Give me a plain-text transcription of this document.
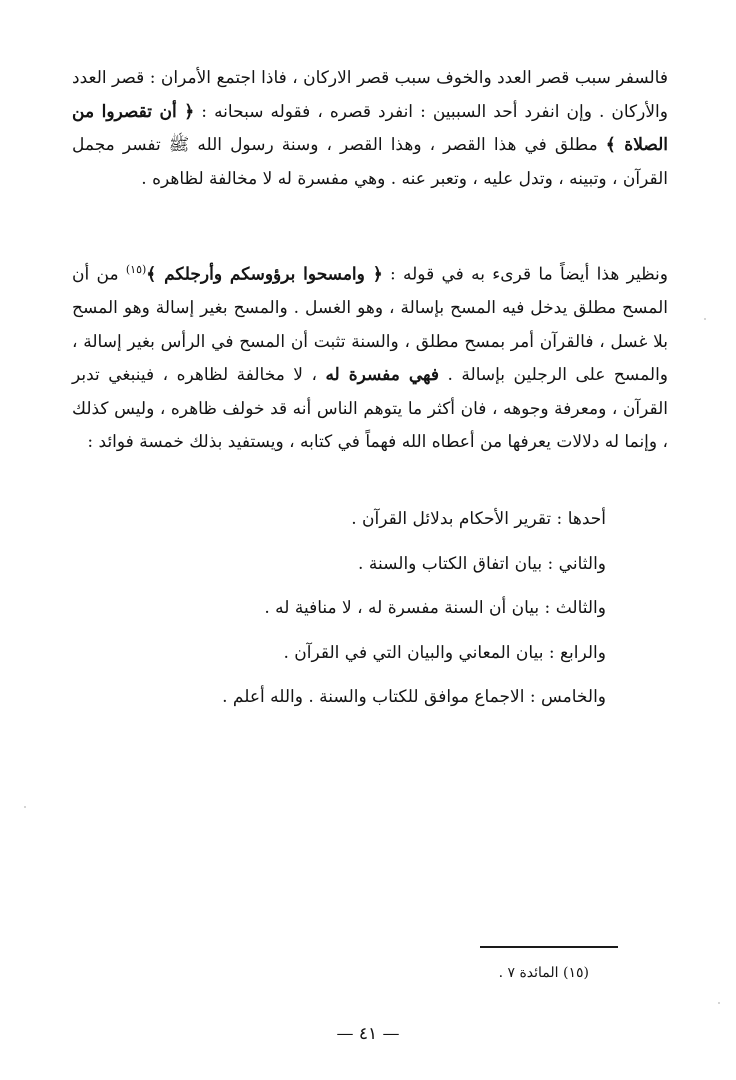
فالسفر سبب قصر العدد والخوف سبب قصر الاركان ، فاذا اجتمع الأمران : قصر العدد والأركان . وإن انفرد أحد السببين : انفرد قصره ، فقوله سبحانه : ﴿ أن تقصروا من الصلاة ﴾ مطلق في هذا القصر ، وهذا القصر ، وسنة رسول الله ﷺ تفسر مجمل القرآن ، وتبينه ، وتدل عليه ، وتعبر عنه . وهي مفسرة له لا مخالفة لظاهره .

ونظير هذا أيضاً ما قرىء به في قوله : ﴿ وامسحوا برؤوسكم وأرجلكم ﴾$^{(١٥)}$ من أن المسح مطلق يدخل فيه المسح بإسالة ، وهو الغسل . والمسح بغير إسالة وهو المسح بلا غسل ، فالقرآن أمر بمسح مطلق ، والسنة تثبت أن المسح في الرأس بغير إسالة ، والمسح على الرجلين بإسالة . فهي مفسرة له ، لا مخالفة لظاهره ، فينبغي تدبر القرآن ، ومعرفة وجوهه ، فان أكثر ما يتوهم الناس أنه قد خولف ظاهره ، وليس كذلك ، وإنما له دلالات يعرفها من أعطاه الله فهماً في كتابه ، ويستفيد بذلك خمسة فوائد :

أحدها : تقرير الأحكام بدلائل القرآن .
والثاني : بيان اتفاق الكتاب والسنة .
والثالث : بيان أن السنة مفسرة له ، لا منافية له .
والرابع : بيان المعاني والبيان التي في القرآن .
والخامس : الاجماع موافق للكتاب والسنة . والله أعلم .
(١٥) المائدة ٧ .
— ٤١ —
